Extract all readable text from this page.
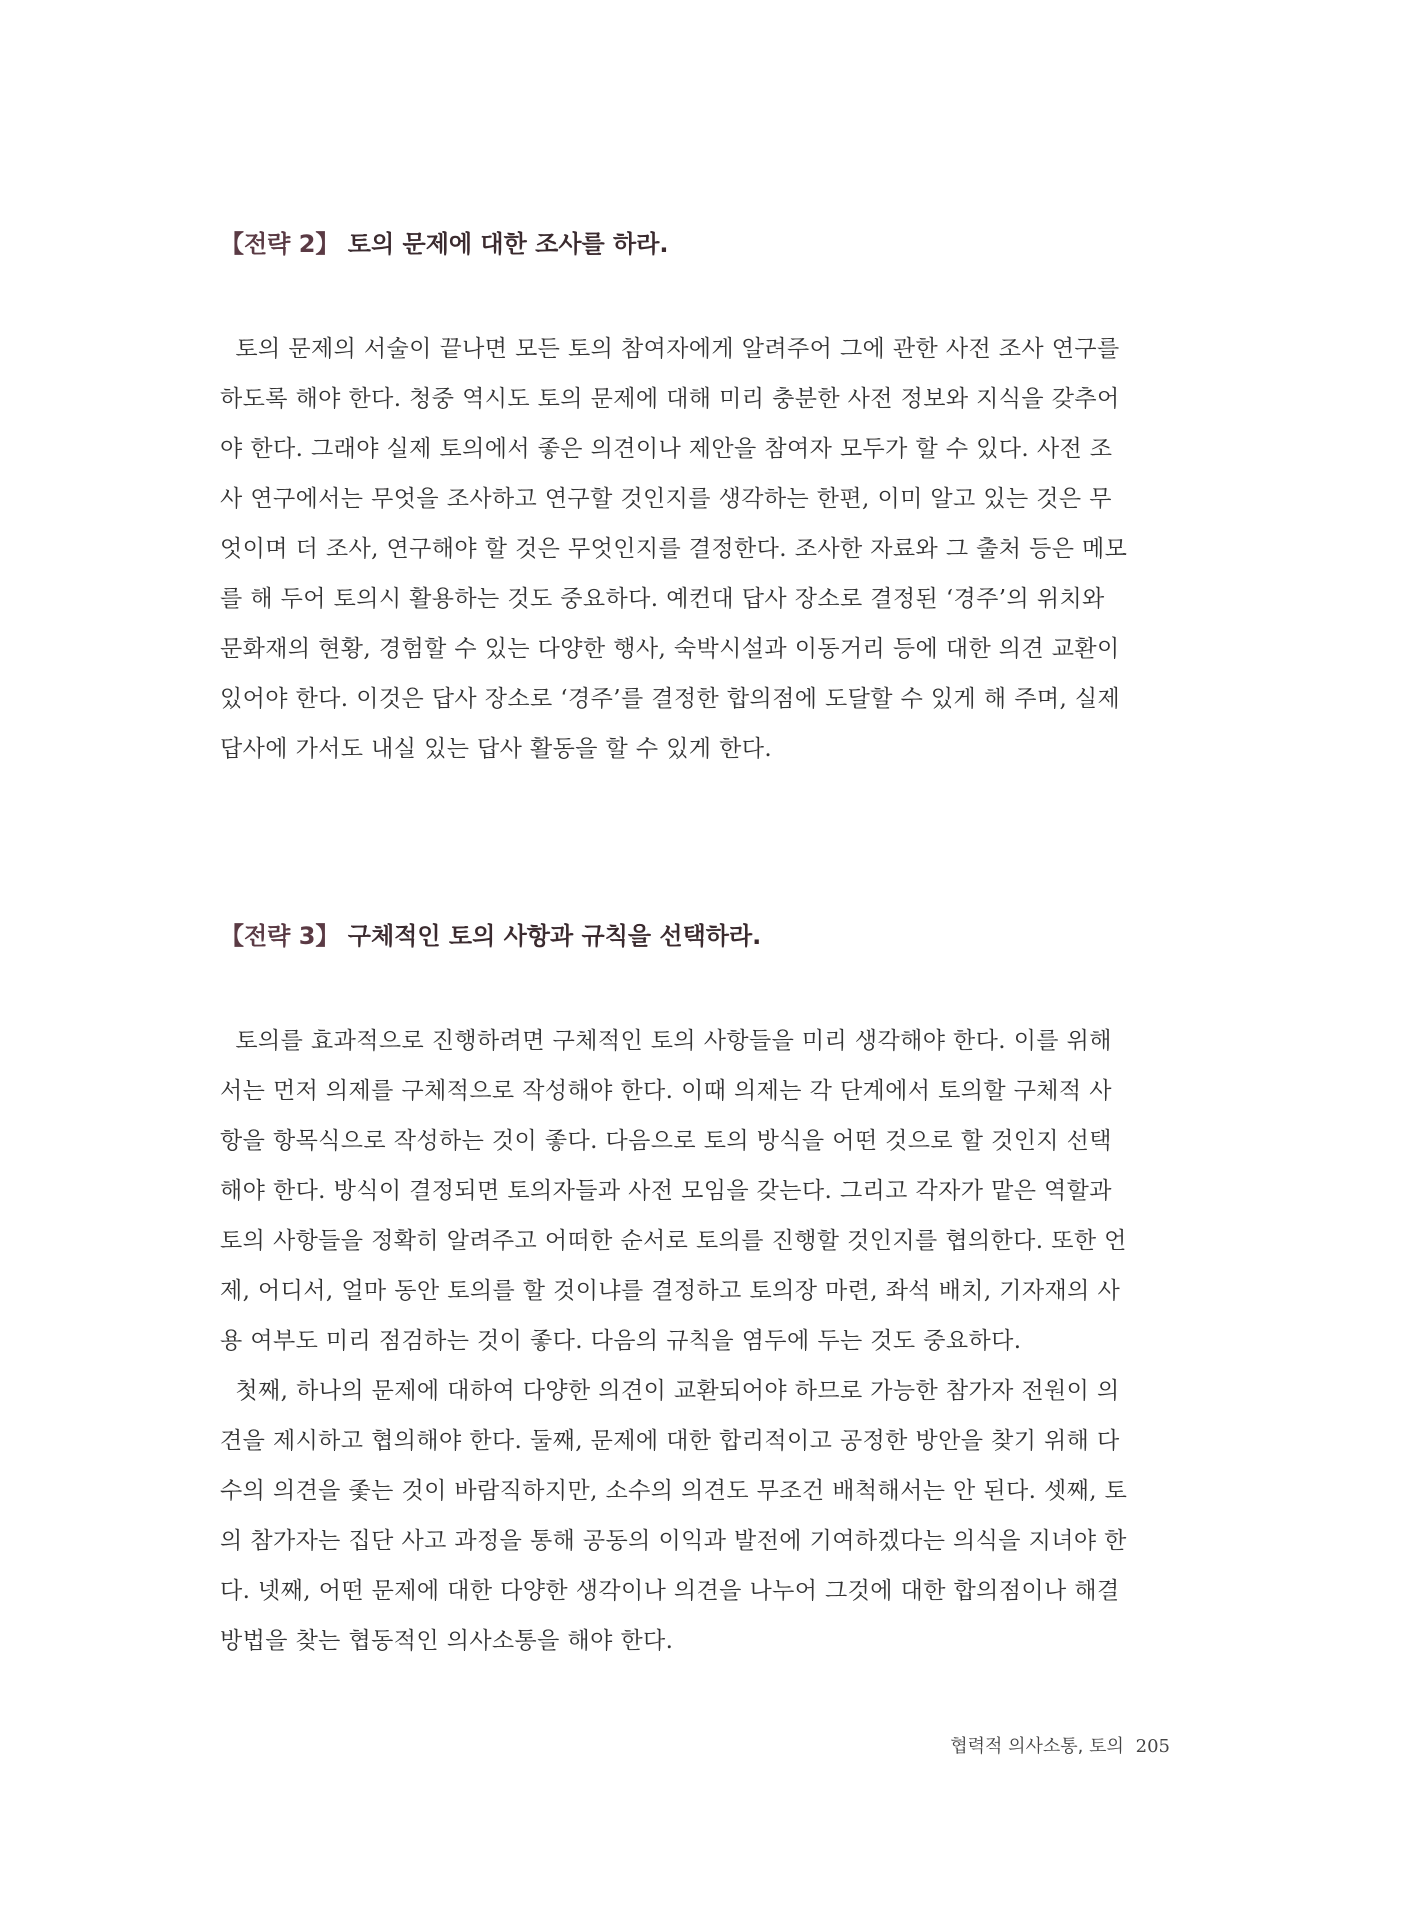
【전략 2】 토의 문제에 대한 조사를 하라.

토의 문제의 서술이 끝나면 모든 토의 참여자에게 알려주어 그에 관한 사전 조사 연구를
하도록 해야 한다. 청중 역시도 토의 문제에 대해 미리 충분한 사전 정보와 지식을 갖추어
야 한다. 그래야 실제 토의에서 좋은 의견이나 제안을 참여자 모두가 할 수 있다. 사전 조
사 연구에서는 무엇을 조사하고 연구할 것인지를 생각하는 한편, 이미 알고 있는 것은 무
엇이며 더 조사, 연구해야 할 것은 무엇인지를 결정한다. 조사한 자료와 그 출처 등은 메모
를 해 두어 토의시 활용하는 것도 중요하다. 예컨대 답사 장소로 결정된 ‘경주’의 위치와
문화재의 현황, 경험할 수 있는 다양한 행사, 숙박시설과 이동거리 등에 대한 의견 교환이
있어야 한다. 이것은 답사 장소로 ‘경주’를 결정한 합의점에 도달할 수 있게 해 주며, 실제
답사에 가서도 내실 있는 답사 활동을 할 수 있게 한다.

【전략 3】 구체적인 토의 사항과 규칙을 선택하라.

토의를 효과적으로 진행하려면 구체적인 토의 사항들을 미리 생각해야 한다. 이를 위해
서는 먼저 의제를 구체적으로 작성해야 한다. 이때 의제는 각 단계에서 토의할 구체적 사
항을 항목식으로 작성하는 것이 좋다. 다음으로 토의 방식을 어떤 것으로 할 것인지 선택
해야 한다. 방식이 결정되면 토의자들과 사전 모임을 갖는다. 그리고 각자가 맡은 역할과
토의 사항들을 정확히 알려주고 어떠한 순서로 토의를 진행할 것인지를 협의한다. 또한 언
제, 어디서, 얼마 동안 토의를 할 것이냐를 결정하고 토의장 마련, 좌석 배치, 기자재의 사
용 여부도 미리 점검하는 것이 좋다. 다음의 규칙을 염두에 두는 것도 중요하다.

첫째, 하나의 문제에 대하여 다양한 의견이 교환되어야 하므로 가능한 참가자 전원이 의
견을 제시하고 협의해야 한다. 둘째, 문제에 대한 합리적이고 공정한 방안을 찾기 위해 다
수의 의견을 좇는 것이 바람직하지만, 소수의 의견도 무조건 배척해서는 안 된다. 셋째, 토
의 참가자는 집단 사고 과정을 통해 공동의 이익과 발전에 기여하겠다는 의식을 지녀야 한
다. 넷째, 어떤 문제에 대한 다양한 생각이나 의견을 나누어 그것에 대한 합의점이나 해결
방법을 찾는 협동적인 의사소통을 해야 한다.

협력적 의사소통, 토의 205
